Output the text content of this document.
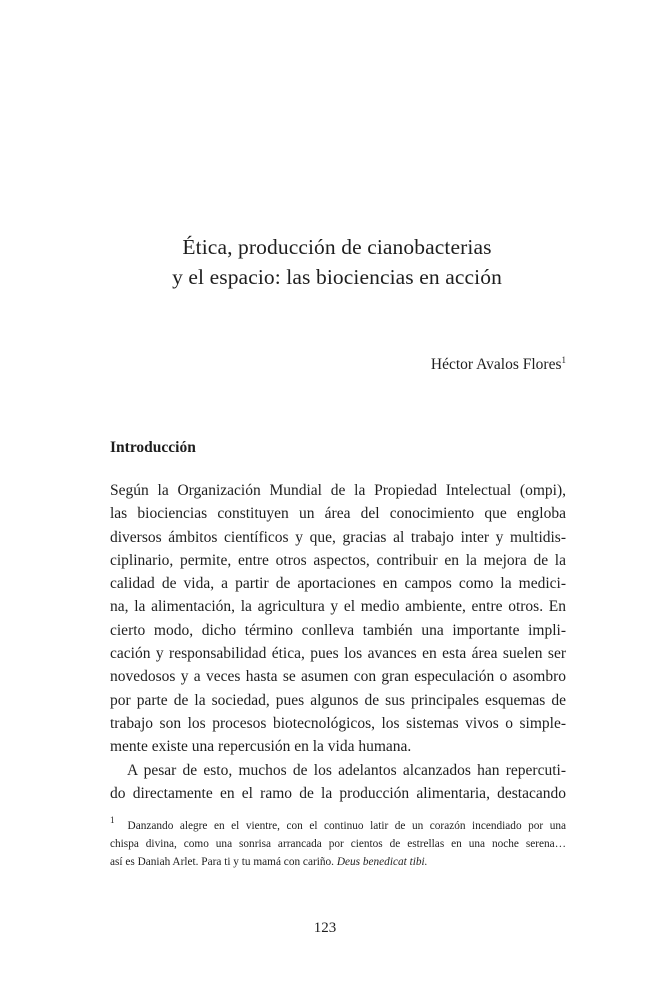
Ética, producción de cianobacterias
y el espacio: las biociencias en acción
Héctor Avalos Flores$^1$
Introducción
Según la Organización Mundial de la Propiedad Intelectual (ompi),
las biociencias constituyen un área del conocimiento que engloba
diversos ámbitos científicos y que, gracias al trabajo inter y multidis-
ciplinario, permite, entre otros aspectos, contribuir en la mejora de la
calidad de vida, a partir de aportaciones en campos como la medici-
na, la alimentación, la agricultura y el medio ambiente, entre otros. En
cierto modo, dicho término conlleva también una importante impli-
cación y responsabilidad ética, pues los avances en esta área suelen ser
novedosos y a veces hasta se asumen con gran especulación o asombro
por parte de la sociedad, pues algunos de sus principales esquemas de
trabajo son los procesos biotecnológicos, los sistemas vivos o simple-
mente existe una repercusión en la vida humana.
A pesar de esto, muchos de los adelantos alcanzados han repercuti-
do directamente en el ramo de la producción alimentaria, destacando
$^1$ Danzando alegre en el vientre, con el continuo latir de un corazón incendiado por una
chispa divina, como una sonrisa arrancada por cientos de estrellas en una noche serena…
así es Daniah Arlet. Para ti y tu mamá con cariño. Deus benedicat tibi.
123
